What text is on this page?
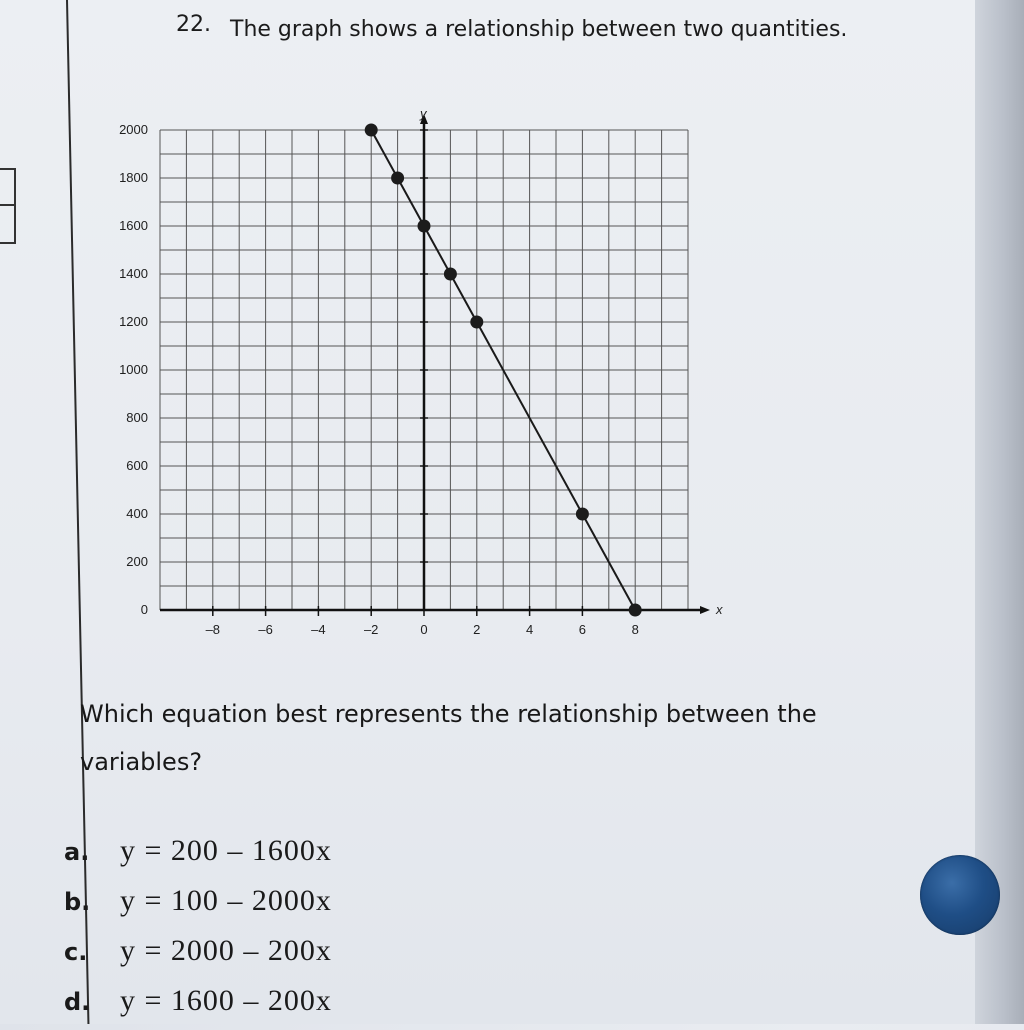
22. The graph shows a relationship between two quantities.
y
x
0
200
400
600
800
1000
1200
1400
1600
1800
2000
–8	–6	–4	–2	0	2	4	6	8
Which equation best represents the relationship between the variables?
a. y = 200 – 1600x
b. y = 100 – 2000x
c. y = 2000 – 200x
d. y = 1600 – 200x
